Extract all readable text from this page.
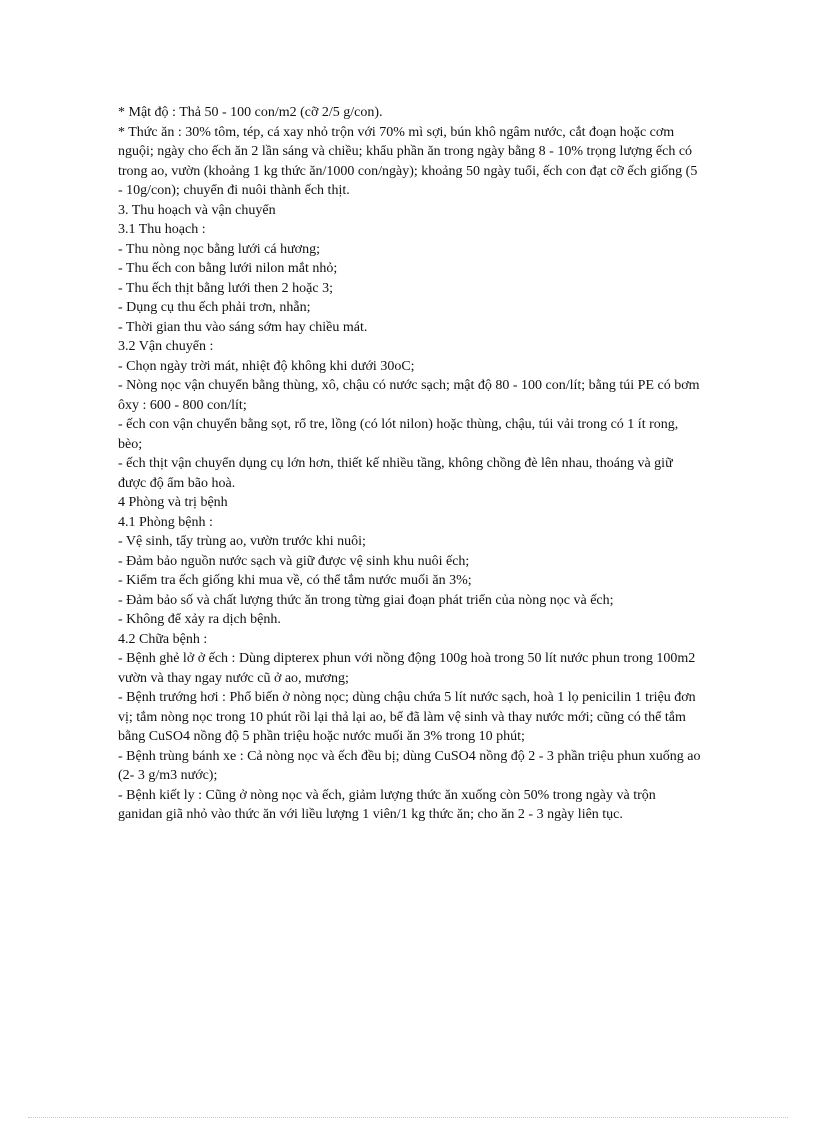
* Mật độ : Thả 50 - 100 con/m2 (cỡ 2/5 g/con).

* Thức ăn : 30% tôm, tép, cá xay nhỏ trộn với 70% mì sợi, bún khô ngâm nước, cắt đoạn hoặc cơm nguội; ngày cho ếch ăn 2 lần sáng và chiều; khẩu phần ăn trong ngày bằng 8 - 10% trọng lượng ếch có trong ao, vườn (khoảng 1 kg thức ăn/1000 con/ngày); khoảng 50 ngày tuổi, ếch con đạt cỡ ếch giống (5 - 10g/con); chuyển đi nuôi thành ếch thịt.

3. Thu hoạch và vận chuyển

3.1 Thu hoạch :

- Thu nòng nọc bằng lưới cá hương;

- Thu ếch con bằng lưới nilon mắt nhỏ;

- Thu ếch thịt bằng lưới then 2 hoặc 3;

- Dụng cụ thu ếch phải trơn, nhẵn;

- Thời gian thu vào sáng sớm hay chiều mát.

3.2 Vận chuyển :

- Chọn ngày trời mát, nhiệt độ không khi dưới 30oC;

- Nòng nọc vận chuyển bằng thùng, xô, chậu có nước sạch; mật độ 80 - 100 con/lít; bằng túi PE có bơm ôxy : 600 - 800 con/lít;

- ếch con vận chuyển bằng sọt, rổ tre, lồng (có lót nilon) hoặc thùng, chậu, túi vải trong có 1 ít rong, bèo;

- ếch thịt vận chuyển dụng cụ lớn hơn, thiết kế nhiều tầng, không chồng đè lên nhau, thoáng và giữ được độ ẩm bão hoà.

4 Phòng và trị bệnh

4.1 Phòng bệnh :

- Vệ sinh, tẩy trùng ao, vườn trước khi nuôi;

- Đảm bảo nguồn nước sạch và giữ được vệ sinh khu nuôi ếch;

- Kiểm tra ếch giống khi mua về, có thể tắm nước muối ăn 3%;

- Đảm bảo số và chất lượng thức ăn trong từng giai đoạn phát triển của nòng nọc và ếch;

- Không để xảy ra dịch bệnh.

4.2 Chữa bệnh :

- Bệnh ghẻ lở ở ếch : Dùng dipterex phun với nồng động 100g hoà trong 50 lít nước phun trong 100m2 vườn và thay ngay nước cũ ở ao, mương;

- Bệnh trướng hơi : Phổ biến ở nòng nọc; dùng chậu chứa 5 lít nước sạch, hoà 1 lọ penicilin 1 triệu đơn vị; tắm nòng nọc trong 10 phút rồi lại thả lại ao, bể đã làm vệ sinh và thay nước mới; cũng có thể tắm bằng CuSO4 nồng độ 5 phần triệu hoặc nước muối ăn 3% trong 10 phút;

- Bệnh trùng bánh xe : Cả nòng nọc và ếch đều bị; dùng CuSO4 nồng độ 2 - 3 phần triệu phun xuống ao (2- 3 g/m3 nước);

- Bệnh kiết ly : Cũng ở nòng nọc và ếch, giảm lượng thức ăn xuống còn 50% trong ngày và trộn ganidan giã nhỏ vào thức ăn với liều lượng 1 viên/1 kg thức ăn; cho ăn 2 - 3 ngày liên tục.
